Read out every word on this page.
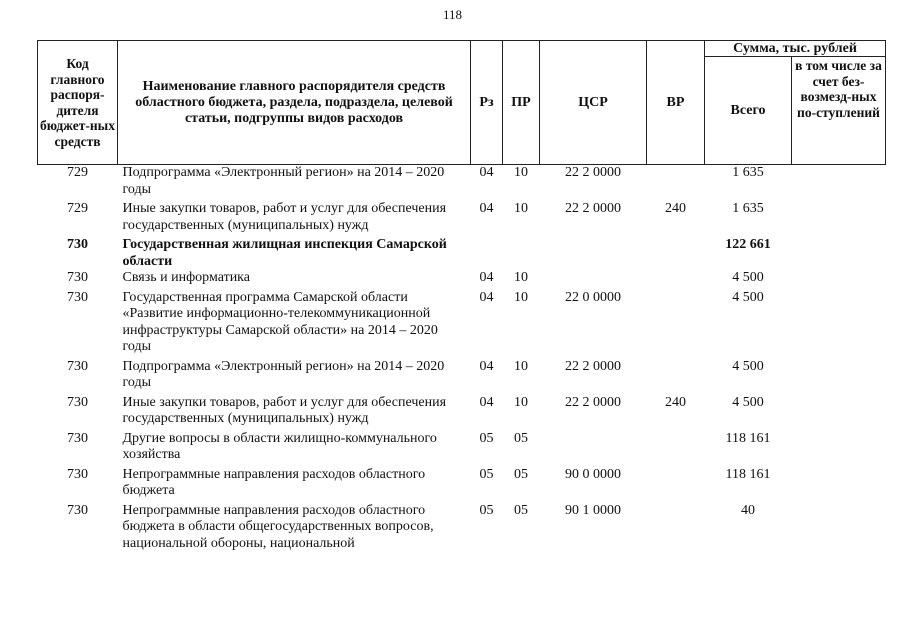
118
Код главного распоря-дителя бюджет-ных средств	Наименование главного распорядителя средств областного бюджета, раздела, подраздела, целевой статьи, подгруппы видов расходов	Рз	ПР	ЦСР	ВР	Сумма, тыс. рублей	
						Всего	в том числе за счет без-возмезд-ных по-ступлений
729	Подпрограмма «Электронный регион» на 2014 – 2020 годы	04	10	22 2 0000		1 635	
729	Иные закупки товаров, работ и услуг для обеспечения государственных (муниципальных) нужд	04	10	22 2 0000	240	1 635	
730	Государственная жилищная инспекция Самарской области					122 661	
730	Связь и информатика	04	10			4 500	
730	Государственная программа Самарской области «Развитие информационно-телекоммуникационной инфраструктуры Самарской области» на 2014 – 2020 годы	04	10	22 0 0000		4 500	
730	Подпрограмма «Электронный регион» на 2014 – 2020 годы	04	10	22 2 0000		4 500	
730	Иные закупки товаров, работ и услуг для обеспечения государственных (муниципальных) нужд	04	10	22 2 0000	240	4 500	
730	Другие вопросы в области жилищно-коммунального хозяйства	05	05			118 161	
730	Непрограммные направления расходов областного бюджета	05	05	90 0 0000		118 161	
730	Непрограммные направления расходов областного бюджета в области общегосударственных вопросов, национальной обороны, национальной	05	05	90 1 0000		40	
